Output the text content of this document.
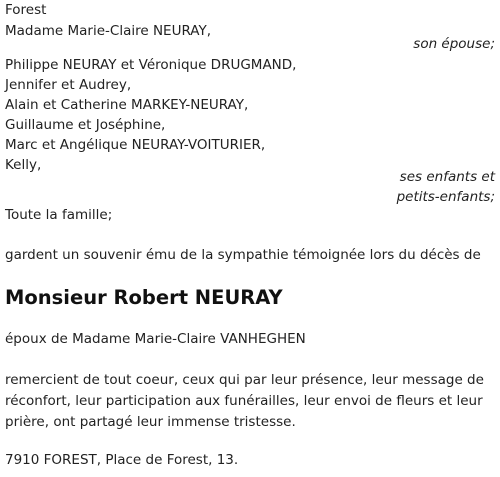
Forest
Madame Marie-Claire NEURAY,
son épouse;
Philippe NEURAY et Véronique DRUGMAND,
Jennifer et Audrey,
Alain et Catherine MARKEY-NEURAY,
Guillaume et Joséphine,
Marc et Angélique NEURAY-VOITURIER,
Kelly,
ses enfants et
petits-enfants;
Toute la famille;
gardent un souvenir ému de la sympathie témoignée lors du décès de
Monsieur Robert NEURAY
époux de Madame Marie-Claire VANHEGHEN
remercient de tout coeur, ceux qui par leur présence, leur message de réconfort, leur participation aux funérailles, leur envoi de fleurs et leur prière, ont partagé leur immense tristesse.
7910 FOREST, Place de Forest, 13.
